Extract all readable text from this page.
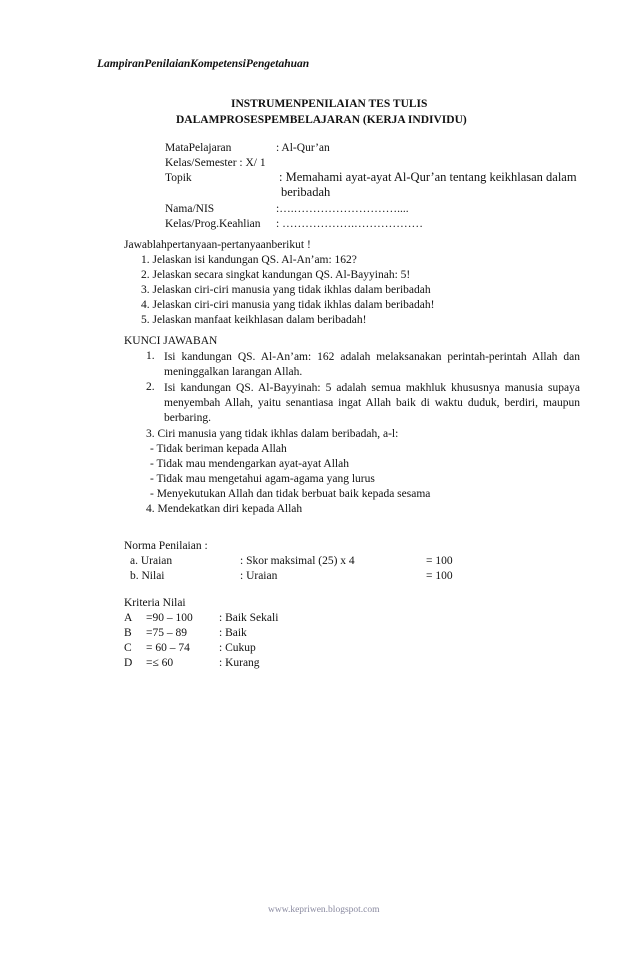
LampiranPenilaianKompetensiPengetahuan
INSTRUMENPENILAIAN TES TULIS
DALAMPROSESPEMBELAJARAN (KERJA INDIVIDU)
MataPelajaran	: Al-Qur’an
Kelas/Semester : X/ 1
Topik	: Memahami ayat-ayat Al-Qur’an tentang keikhlasan dalam
beribadah
Nama/NIS	:….………………………....
Kelas/Prog.Keahlian : ……………….………………
Jawablahpertanyaan-pertanyaanberikut !
1. Jelaskan isi kandungan QS. Al-An’am: 162?
2. Jelaskan secara singkat kandungan QS. Al-Bayyinah: 5!
3. Jelaskan ciri-ciri manusia yang tidak ikhlas dalam beribadah
4. Jelaskan ciri-ciri manusia yang tidak ikhlas dalam beribadah!
5. Jelaskan manfaat keikhlasan dalam beribadah!
KUNCI JAWABAN
1. Isi kandungan QS. Al-An’am: 162 adalah melaksanakan perintah-perintah Allah dan meninggalkan larangan Allah.
2. Isi kandungan QS. Al-Bayyinah: 5 adalah semua makhluk khusus‌nya manusia supaya menyembah Allah, yaitu senantiasa ingat Allah baik di waktu duduk, berdiri, maupun berbaring.
3. Ciri manusia yang tidak ikhlas dalam beribadah, a-l:
- Tidak beriman kepada Allah
- Tidak mau mendengarkan ayat-ayat Allah
- Tidak mau mengetahui agam-agama yang lurus
- Menyekutukan Allah dan tidak berbuat baik kepada sesama
4. Mendekatkan diri kepada Allah
Norma Penilaian :
a. Uraian	: Skor maksimal (25) x 4	= 100
b. Nilai	: Uraian	= 100
Kriteria Nilai
A =90 – 100 : Baik Sekali
B =75 – 89	: Baik
C = 60 – 74	: Cukup
D =≤ 60	: Kurang
www.kepriwen.blogspot.com
